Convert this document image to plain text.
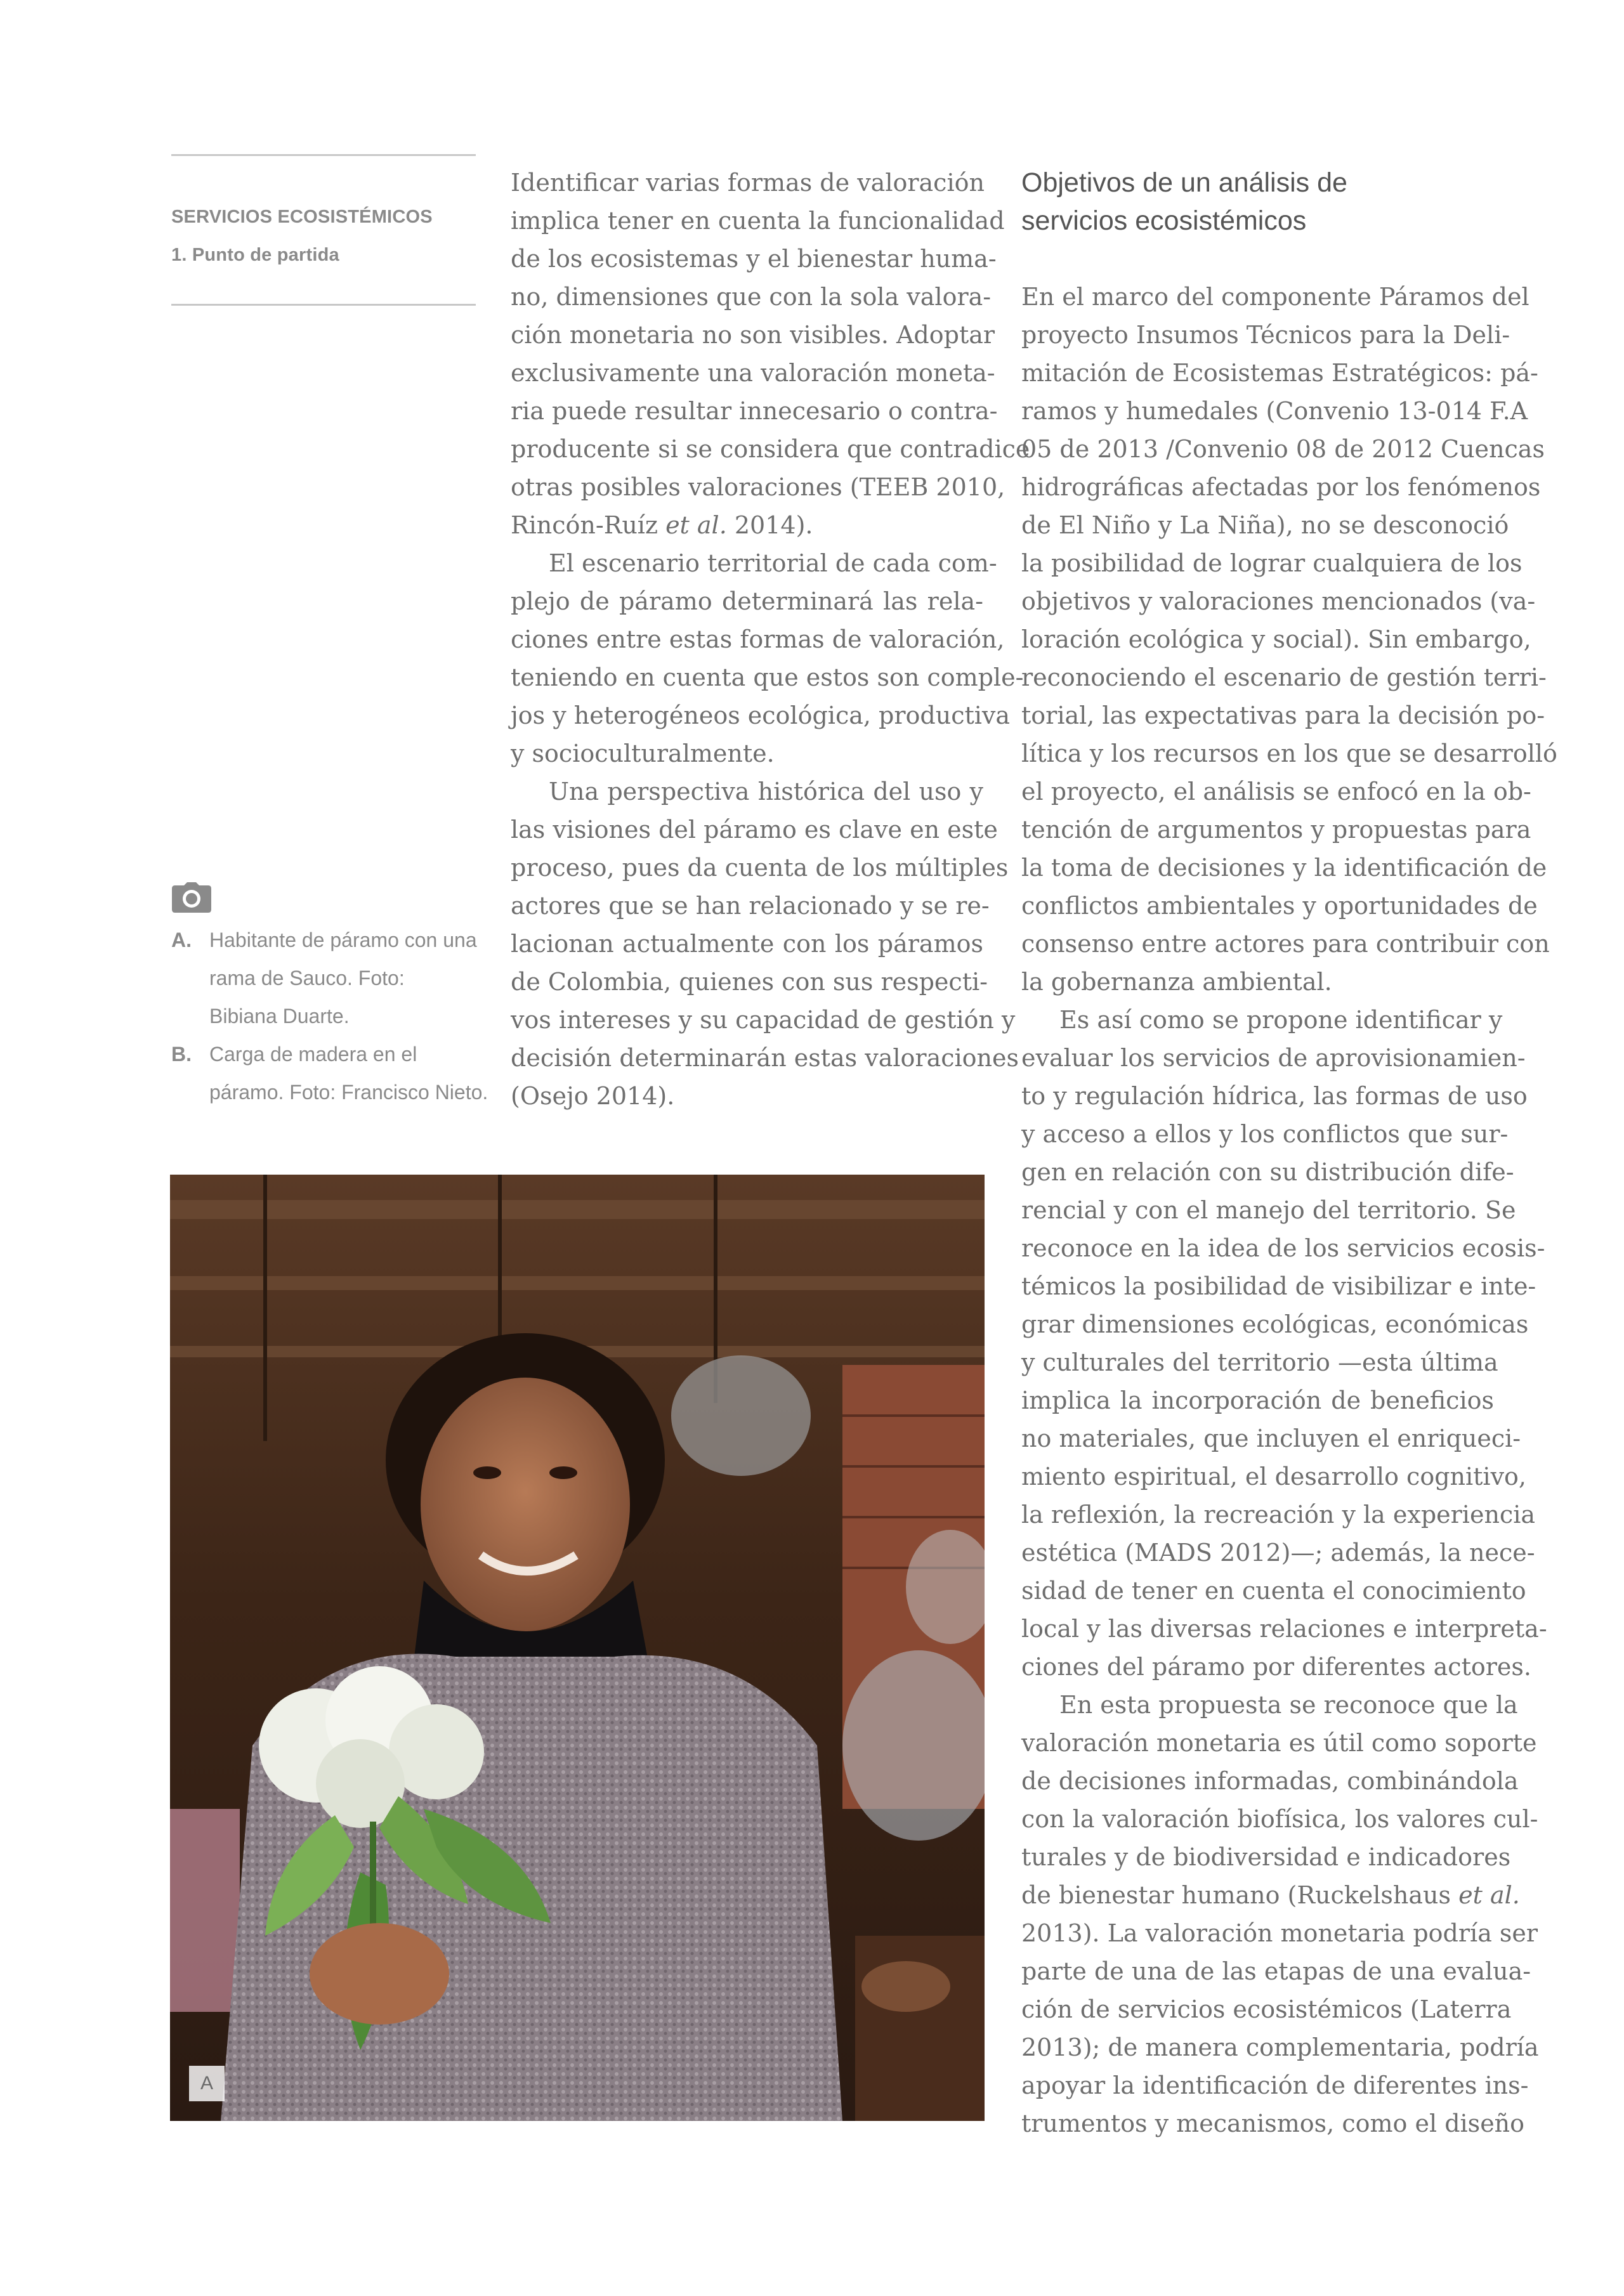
SERVICIOS ECOSISTÉMICOS
1. Punto de partida
A. Habitante de páramo con una
rama de Sauco. Foto:
Bibiana Duarte.
B. Carga de madera en el
páramo. Foto: Francisco Nieto.
Identificar varias formas de valoración
implica tener en cuenta la funcionalidad
de los ecosistemas y el bienestar huma-
no, dimensiones que con la sola valora-
ción monetaria no son visibles. Adoptar
exclusivamente una valoración moneta-
ria puede resultar innecesario o contra-
producente si se considera que contradice
otras posibles valoraciones (TEEB 2010,
Rincón-Ruíz et al. 2014).
El escenario territorial de cada com-
plejo de páramo determinará las rela-
ciones entre estas formas de valoración,
teniendo en cuenta que estos son comple-
jos y heterogéneos ecológica, productiva
y socioculturalmente.
Una perspectiva histórica del uso y
las visiones del páramo es clave en este
proceso, pues da cuenta de los múltiples
actores que se han relacionado y se re-
lacionan actualmente con los páramos
de Colombia, quienes con sus respecti-
vos intereses y su capacidad de gestión y
decisión determinarán estas valoraciones
(Osejo 2014).
Objetivos de un análisis de
servicios ecosistémicos
En el marco del componente Páramos del
proyecto Insumos Técnicos para la Deli-
mitación de Ecosistemas Estratégicos: pá-
ramos y humedales (Convenio 13-014 F.A
05 de 2013 /Convenio 08 de 2012 Cuencas
hidrográficas afectadas por los fenómenos
de El Niño y La Niña), no se desconoció
la posibilidad de lograr cualquiera de los
objetivos y valoraciones mencionados (va-
loración ecológica y social). Sin embargo,
reconociendo el escenario de gestión terri-
torial, las expectativas para la decisión po-
lítica y los recursos en los que se desarrolló
el proyecto, el análisis se enfocó en la ob-
tención de argumentos y propuestas para
la toma de decisiones y la identificación de
conflictos ambientales y oportunidades de
consenso entre actores para contribuir con
la gobernanza ambiental.
Es así como se propone identificar y
evaluar los servicios de aprovisionamien-
to y regulación hídrica, las formas de uso
y acceso a ellos y los conflictos que sur-
gen en relación con su distribución dife-
rencial y con el manejo del territorio. Se
reconoce en la idea de los servicios ecosis-
témicos la posibilidad de visibilizar e inte-
grar dimensiones ecológicas, económicas
y culturales del territorio —esta última
implica la incorporación de beneficios
no materiales, que incluyen el enriqueci-
miento espiritual, el desarrollo cognitivo,
la reflexión, la recreación y la experiencia
estética (MADS 2012)—; además, la nece-
sidad de tener en cuenta el conocimiento
local y las diversas relaciones e interpreta-
ciones del páramo por diferentes actores.
En esta propuesta se reconoce que la
valoración monetaria es útil como soporte
de decisiones informadas, combinándola
con la valoración biofísica, los valores cul-
turales y de biodiversidad e indicadores
de bienestar humano (Ruckelshaus et al.
2013). La valoración monetaria podría ser
parte de una de las etapas de una evalua-
ción de servicios ecosistémicos (Laterra
2013); de manera complementaria, podría
apoyar la identificación de diferentes ins-
trumentos y mecanismos, como el diseño
A
